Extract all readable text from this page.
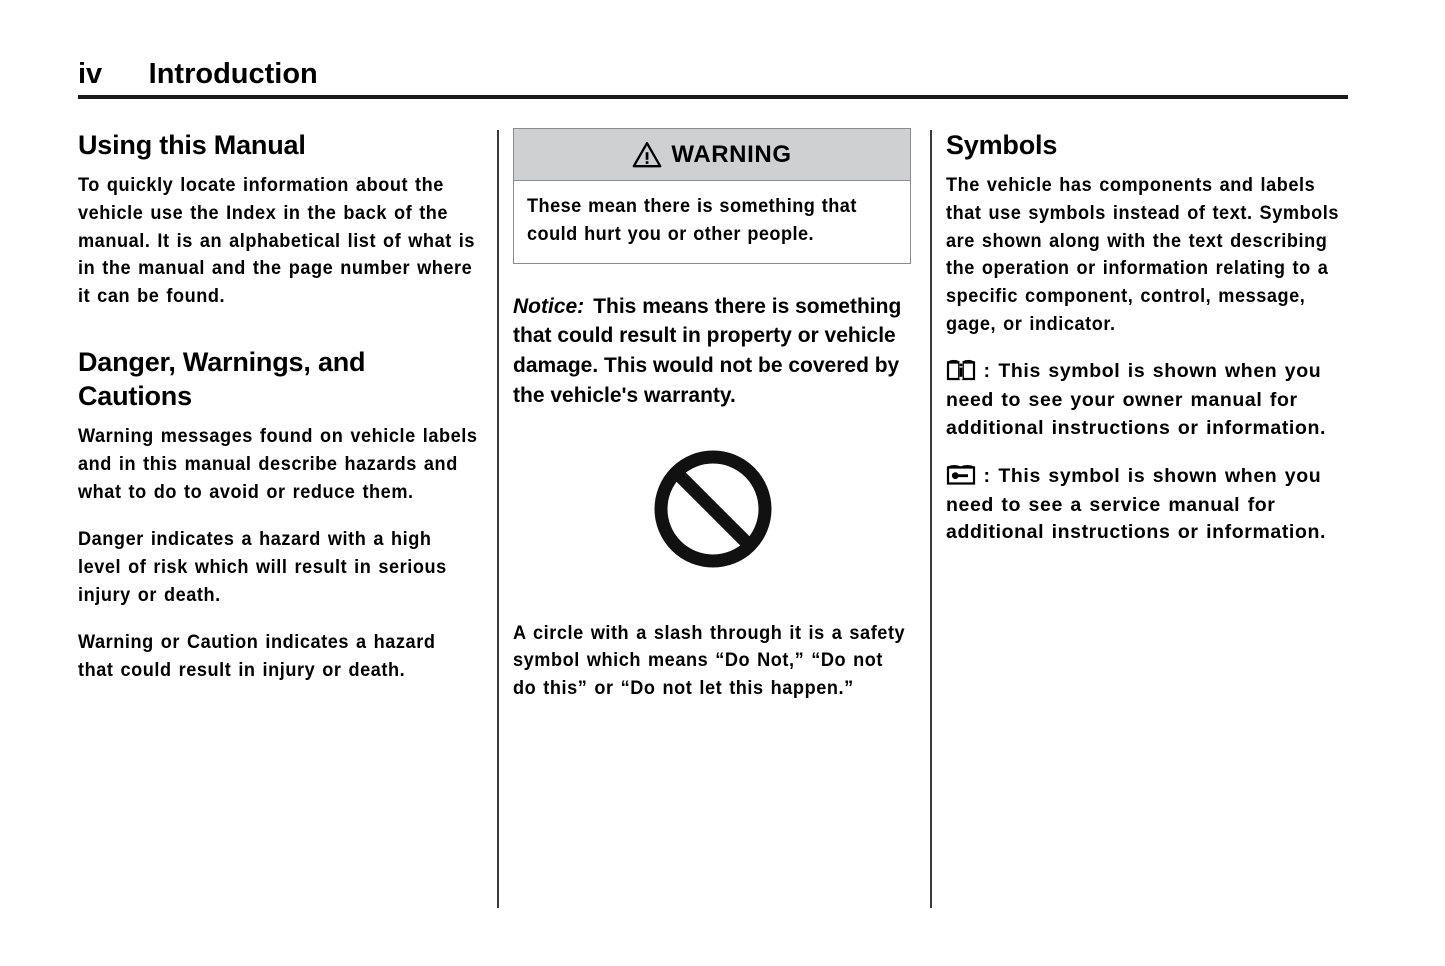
iv Introduction
Using this Manual

To quickly locate information about the vehicle use the Index in the back of the manual. It is an alphabetical list of what is in the manual and the page number where it can be found.

Danger, Warnings, and Cautions

Warning messages found on vehicle labels and in this manual describe hazards and what to do to avoid or reduce them.

Danger indicates a hazard with a high level of risk which will result in serious injury or death.

Warning or Caution indicates a hazard that could result in injury or death.

WARNING

These mean there is something that could hurt you or other people.

Notice: This means there is something that could result in property or vehicle damage. This would not be covered by the vehicle's warranty.

A circle with a slash through it is a safety symbol which means “Do Not,” “Do not do this” or “Do not let this happen.”

Symbols

The vehicle has components and labels that use symbols instead of text. Symbols are shown along with the text describing the operation or information relating to a specific component, control, message, gage, or indicator.

: This symbol is shown when you need to see your owner manual for additional instructions or information.
: This symbol is shown when you need to see a service manual for additional instructions or information.
